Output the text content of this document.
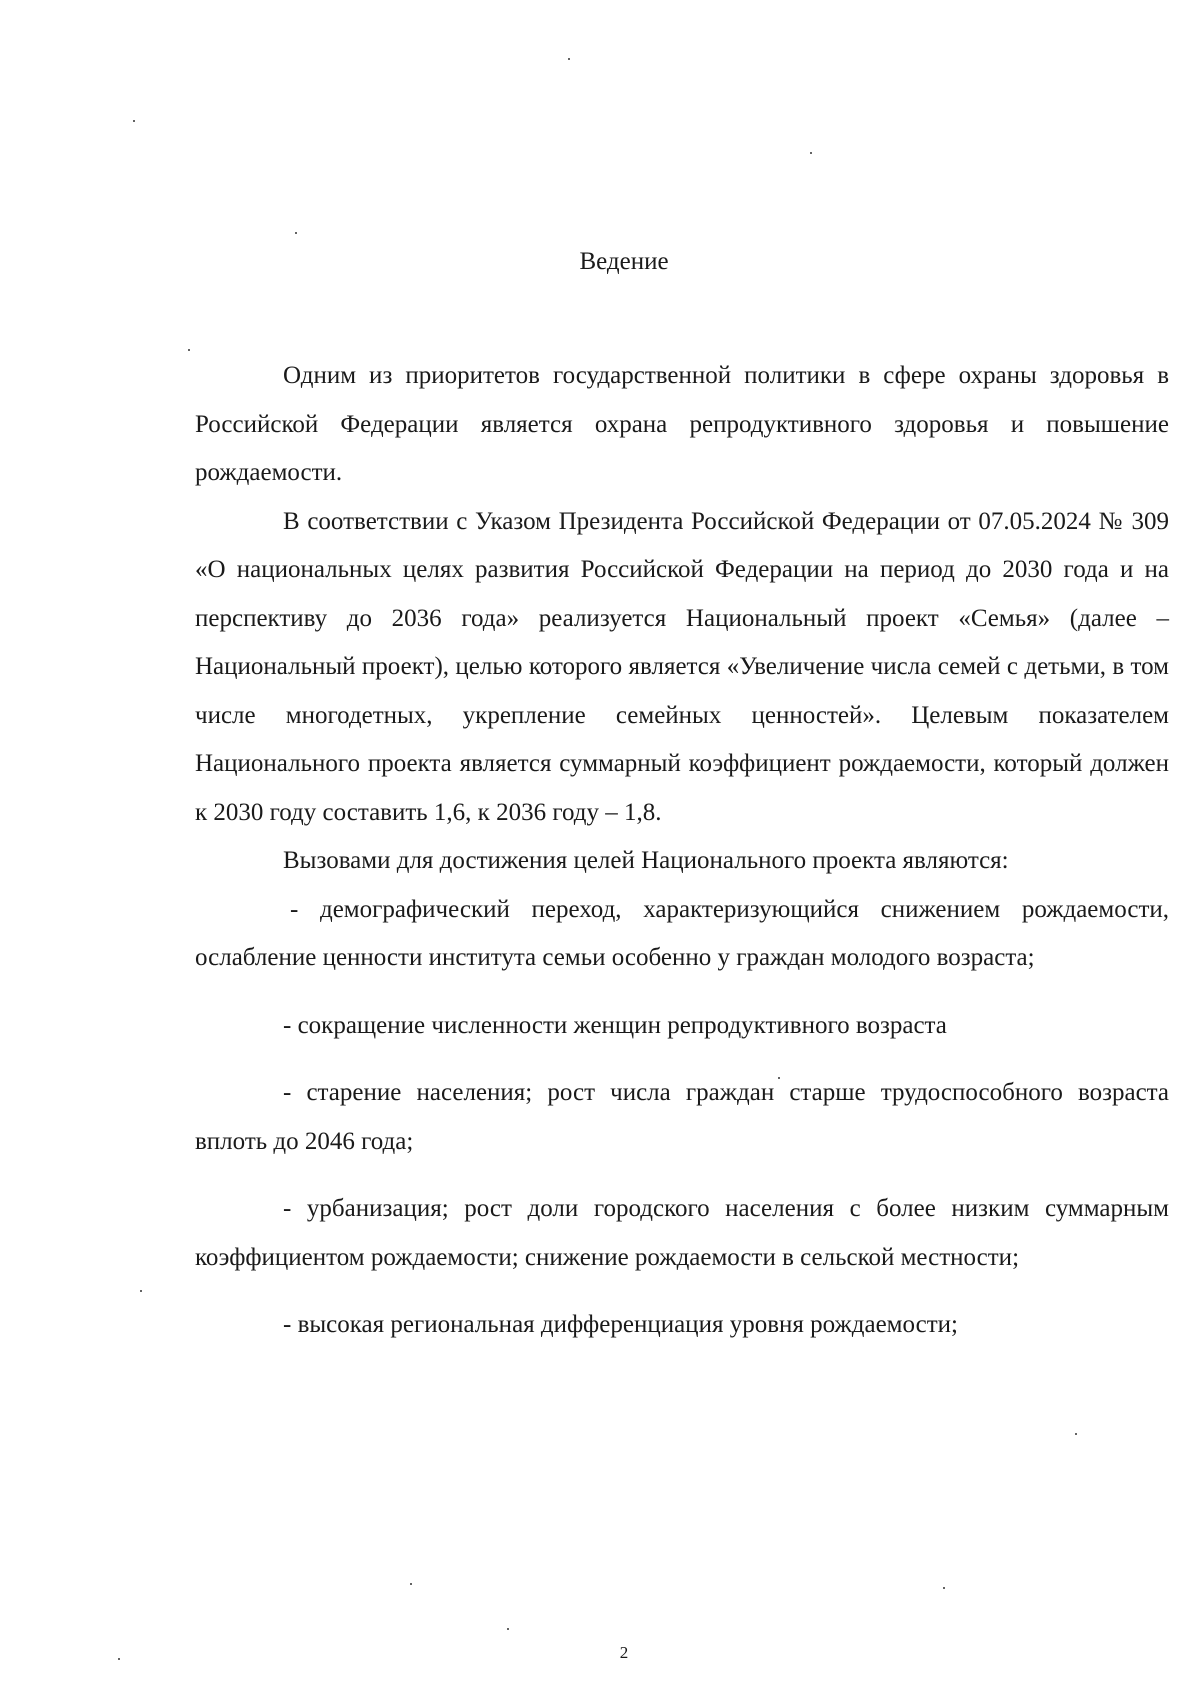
Ведение

Одним из приоритетов государственной политики в сфере охраны здоровья в Российской Федерации является охрана репродуктивного здоровья и повышение рождаемости.

В соответствии с Указом Президента Российской Федерации от 07.05.2024 № 309 «О национальных целях развития Российской Федерации на период до 2030 года и на перспективу до 2036 года» реализуется Национальный проект «Семья» (далее – Национальный проект), целью которого является «Увеличение числа семей с детьми, в том числе многодетных, укрепление семейных ценностей». Целевым показателем Национального проекта является суммарный коэффициент рождаемости, который должен к 2030 году составить 1,6, к 2036 году – 1,8.

Вызовами для достижения целей Национального проекта являются:

- демографический переход, характеризующийся снижением рождаемости, ослабление ценности института семьи особенно у граждан молодого возраста;

- сокращение численности женщин репродуктивного возраста

- старение населения; рост числа граждан старше трудоспособного возраста вплоть до 2046 года;

- урбанизация; рост доли городского населения с более низким суммарным коэффициентом рождаемости; снижение рождаемости в сельской местности;

- высокая региональная дифференциация уровня рождаемости;

2
